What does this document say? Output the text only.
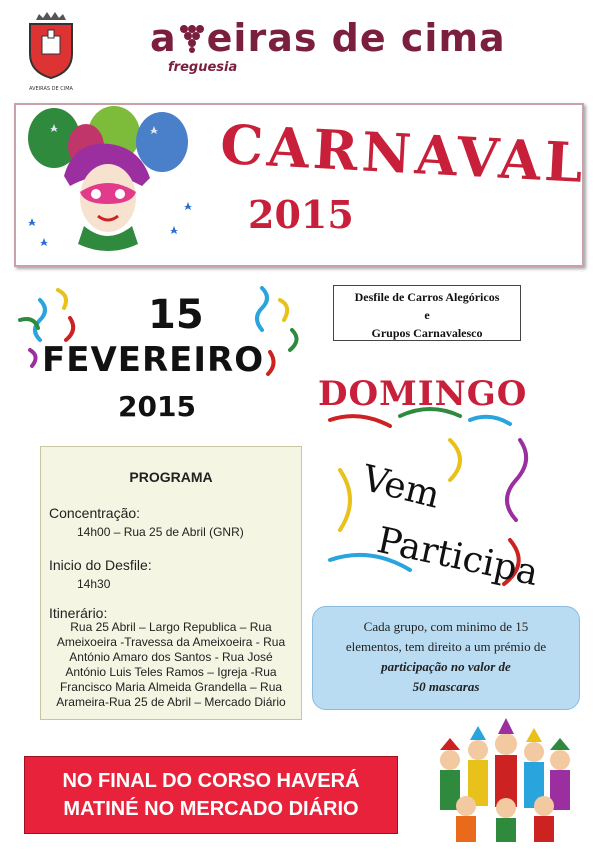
AVEIRAS DE CIMA
a eiras de cima
freguesia
CARNAVAL
2015
15
FEVEREIRO
2015
Desfile de Carros Alegóricos
e
Grupos Carnavalesco
DOMINGO
Vem
Participa
PROGRAMA
Concentração:
14h00 – Rua 25 de Abril (GNR)
Inicio do Desfile:
14h30
Itinerário:
Rua 25 Abril – Largo Republica – Rua
Ameixoeira -Travessa da Ameixoeira - Rua
António Amaro dos Santos - Rua José
António Luis Teles Ramos – Igreja -Rua
Francisco Maria Almeida Grandella – Rua
Arameira-Rua 25 de Abril – Mercado Diário
Cada grupo, com minimo de 15
elementos, tem direito a um prémio de
participação no valor de
50 mascaras
NO FINAL DO CORSO HAVERÁ
MATINÉ NO MERCADO DIÁRIO
